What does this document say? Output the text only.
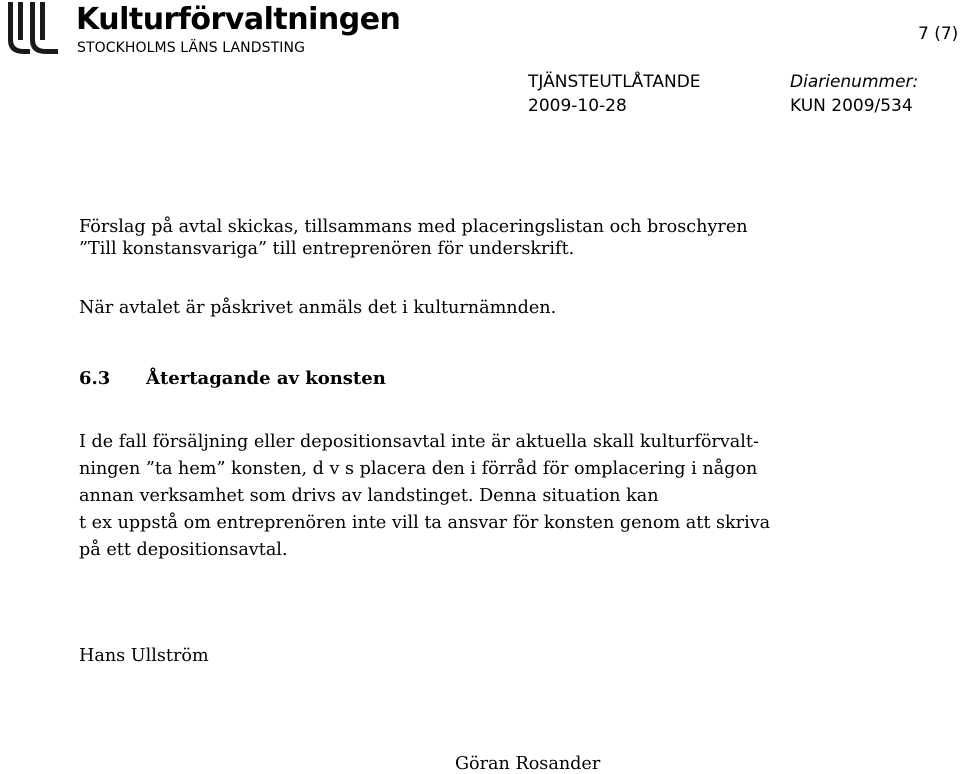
Kulturförvaltningen
STOCKHOLMS LÄNS LANDSTING
7 (7)
TJÄNSTEUTLÅTANDE
2009-10-28
Diarienummer:
KUN 2009/534
Förslag på avtal skickas, tillsammans med placeringslistan och broschyren
”Till konstansvariga” till entreprenören för underskrift.
När avtalet är påskrivet anmäls det i kulturnämnden.
6.3 Återtagande av konsten
I de fall försäljning eller depositionsavtal inte är aktuella skall kulturförvalt-
ningen ”ta hem” konsten, d v s placera den i förråd för omplacering i någon
annan verksamhet som drivs av landstinget. Denna situation kan
t ex uppstå om entreprenören inte vill ta ansvar för konsten genom att skriva
på ett depositionsavtal.
Hans Ullström
Göran Rosander
